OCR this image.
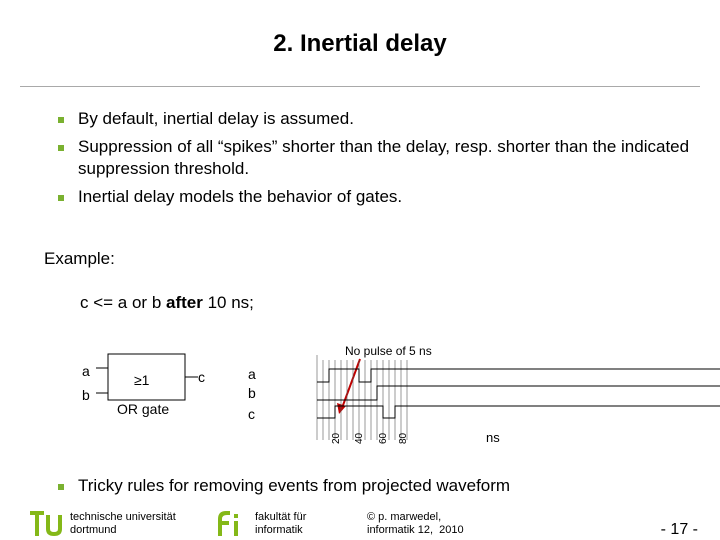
2. Inertial delay
By default, inertial delay is assumed.
Suppression of all “spikes” shorter than the delay, resp. shorter than the indicated suppression threshold.
Inertial delay models the behavior of gates.
Example:
c <= a or b after 10 ns;
a
b
≥1	c
OR gate
a
b
c
No pulse of 5 ns
20 40 60 80	ns
Tricky rules for removing events from projected waveform
technische universität
dortmund
fakultät für
informatik
© p. marwedel,
informatik 12,  2010	- 17 -
